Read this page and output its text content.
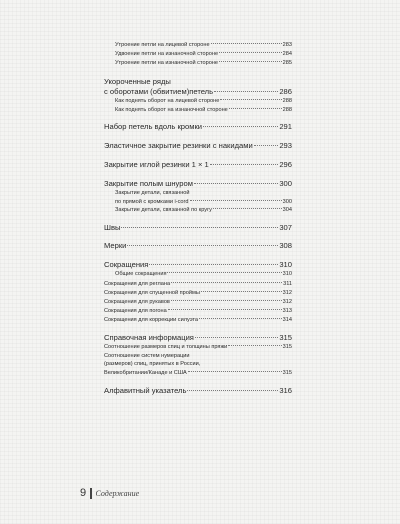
Утроение петли на лицевой стороне	283
Удвоение петли на изнаночной стороне	284
Утроение петли на изнаночной стороне	285
Укороченные ряды
с оборотами (обвитием)петель	286
Как поднять оборот на лицевой стороне	288
Как поднять оборот на изнаночной стороне	288
Набор петель вдоль кромки	291
Эластичное закрытие резинки с накидами	293
Закрытие иглой резинки 1 × 1	296
Закрытие полым шнуром	300
Закрытие детали, связанной
по прямой с кромками i-cord	300
Закрытие детали, связанной по кругу	304
Швы	307
Мерки	308
Сокращения	310
Общие сокращения	310
Сокращения для реглана	311
Сокращения для спущенной проймы	312
Сокращения для рукавов	312
Сокращения для погона	313
Сокращения для коррекции силуэта	314
Справочная информация	315
Соотношение размеров спиц и толщины пряжи	315
Соотношение систем нумерации
(размеров) спиц, принятых в России,
Великобритании/Канаде и США	315
Алфавитный указатель	316
9 Содержание
